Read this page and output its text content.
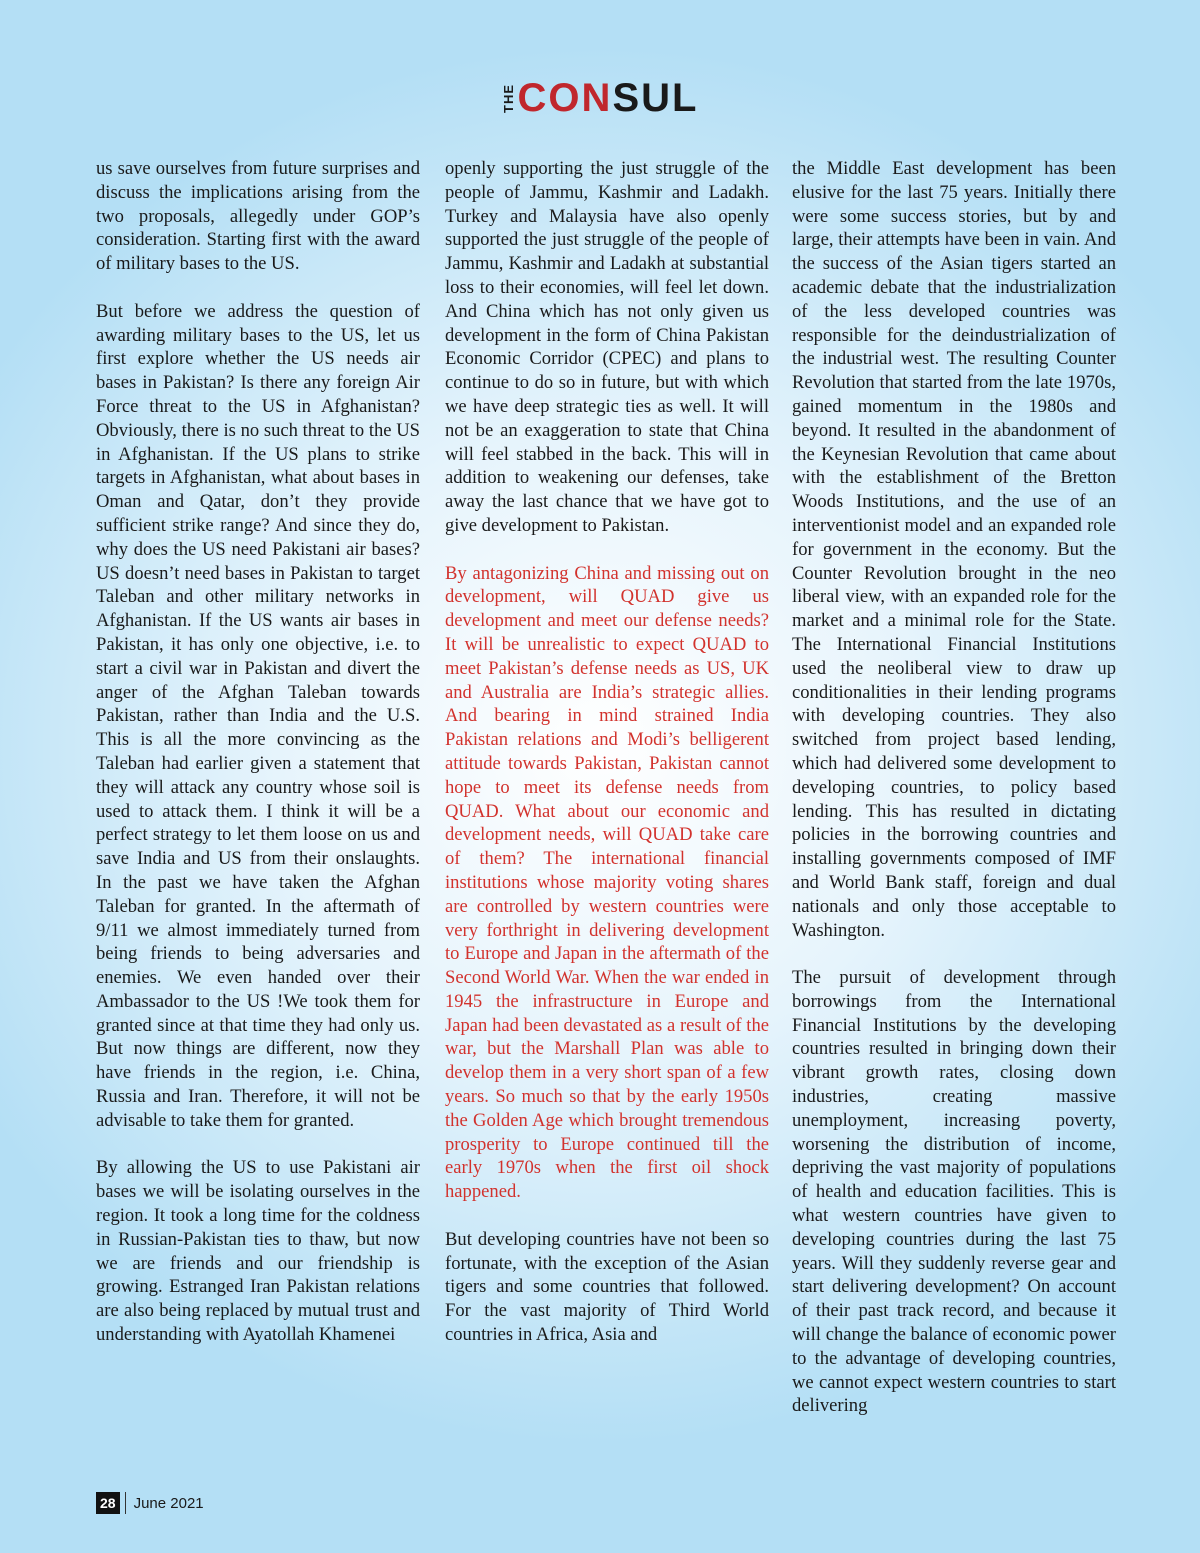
THE CONSUL

us save ourselves from future surprises and discuss the implications arising from the two proposals, allegedly under GOP’s consideration. Starting first with the award of military bases to the US.

But before we address the question of awarding military bases to the US, let us first explore whether the US needs air bases in Pakistan? Is there any foreign Air Force threat to the US in Afghanistan? Obviously, there is no such threat to the US in Afghanistan. If the US plans to strike targets in Afghanistan, what about bases in Oman and Qatar, don’t they provide sufficient strike range? And since they do, why does the US need Pakistani air bases? US doesn’t need bases in Pakistan to target Taleban and other military networks in Afghanistan. If the US wants air bases in Pakistan, it has only one objective, i.e. to start a civil war in Pakistan and divert the anger of the Afghan Taleban towards Pakistan, rather than India and the U.S. This is all the more convincing as the Taleban had earlier given a statement that they will attack any country whose soil is used to attack them. I think it will be a perfect strategy to let them loose on us and save India and US from their onslaughts. In the past we have taken the Afghan Taleban for granted. In the aftermath of 9/11 we almost immediately turned from being friends to being adversaries and enemies. We even handed over their Ambassador to the US !We took them for granted since at that time they had only us. But now things are different, now they have friends in the region, i.e. China, Russia and Iran. Therefore, it will not be advisable to take them for granted.

By allowing the US to use Pakistani air bases we will be isolating ourselves in the region. It took a long time for the coldness in Russian-Pakistan ties to thaw, but now we are friends and our friendship is growing. Estranged Iran Pakistan relations are also being replaced by mutual trust and understanding with Ayatollah Khamenei

openly supporting the just struggle of the people of Jammu, Kashmir and Ladakh. Turkey and Malaysia have also openly supported the just struggle of the people of Jammu, Kashmir and Ladakh at substantial loss to their economies, will feel let down. And China which has not only given us development in the form of China Pakistan Economic Corridor (CPEC) and plans to continue to do so in future, but with which we have deep strategic ties as well. It will not be an exaggeration to state that China will feel stabbed in the back. This will in addition to weakening our defenses, take away the last chance that we have got to give development to Pakistan.

By antagonizing China and missing out on development, will QUAD give us development and meet our defense needs? It will be unrealistic to expect QUAD to meet Pakistan’s defense needs as US, UK and Australia are India’s strategic allies. And bearing in mind strained India Pakistan relations and Modi’s belligerent attitude towards Pakistan, Pakistan cannot hope to meet its defense needs from QUAD. What about our economic and development needs, will QUAD take care of them? The international financial institutions whose majority voting shares are controlled by western countries were very forthright in delivering development to Europe and Japan in the aftermath of the Second World War. When the war ended in 1945 the infrastructure in Europe and Japan had been devastated as a result of the war, but the Marshall Plan was able to develop them in a very short span of a few years. So much so that by the early 1950s the Golden Age which brought tremendous prosperity to Europe continued till the early 1970s when the first oil shock happened.

But developing countries have not been so fortunate, with the exception of the Asian tigers and some countries that followed. For the vast majority of Third World countries in Africa, Asia and

the Middle East development has been elusive for the last 75 years. Initially there were some success stories, but by and large, their attempts have been in vain. And the success of the Asian tigers started an academic debate that the industrialization of the less developed countries was responsible for the deindustrialization of the industrial west. The resulting Counter Revolution that started from the late 1970s, gained momentum in the 1980s and beyond. It resulted in the abandonment of the Keynesian Revolution that came about with the establishment of the Bretton Woods Institutions, and the use of an interventionist model and an expanded role for government in the economy. But the Counter Revolution brought in the neo liberal view, with an expanded role for the market and a minimal role for the State. The International Financial Institutions used the neoliberal view to draw up conditionalities in their lending programs with developing countries. They also switched from project based lending, which had delivered some development to developing countries, to policy based lending. This has resulted in dictating policies in the borrowing countries and installing governments composed of IMF and World Bank staff, foreign and dual nationals and only those acceptable to Washington.

The pursuit of development through borrowings from the International Financial Institutions by the developing countries resulted in bringing down their vibrant growth rates, closing down industries, creating massive unemployment, increasing poverty, worsening the distribution of income, depriving the vast majority of populations of health and education facilities. This is what western countries have given to developing countries during the last 75 years. Will they suddenly reverse gear and start delivering development? On account of their past track record, and because it will change the balance of economic power to the advantage of developing countries, we cannot expect western countries to start delivering

28 June 2021
